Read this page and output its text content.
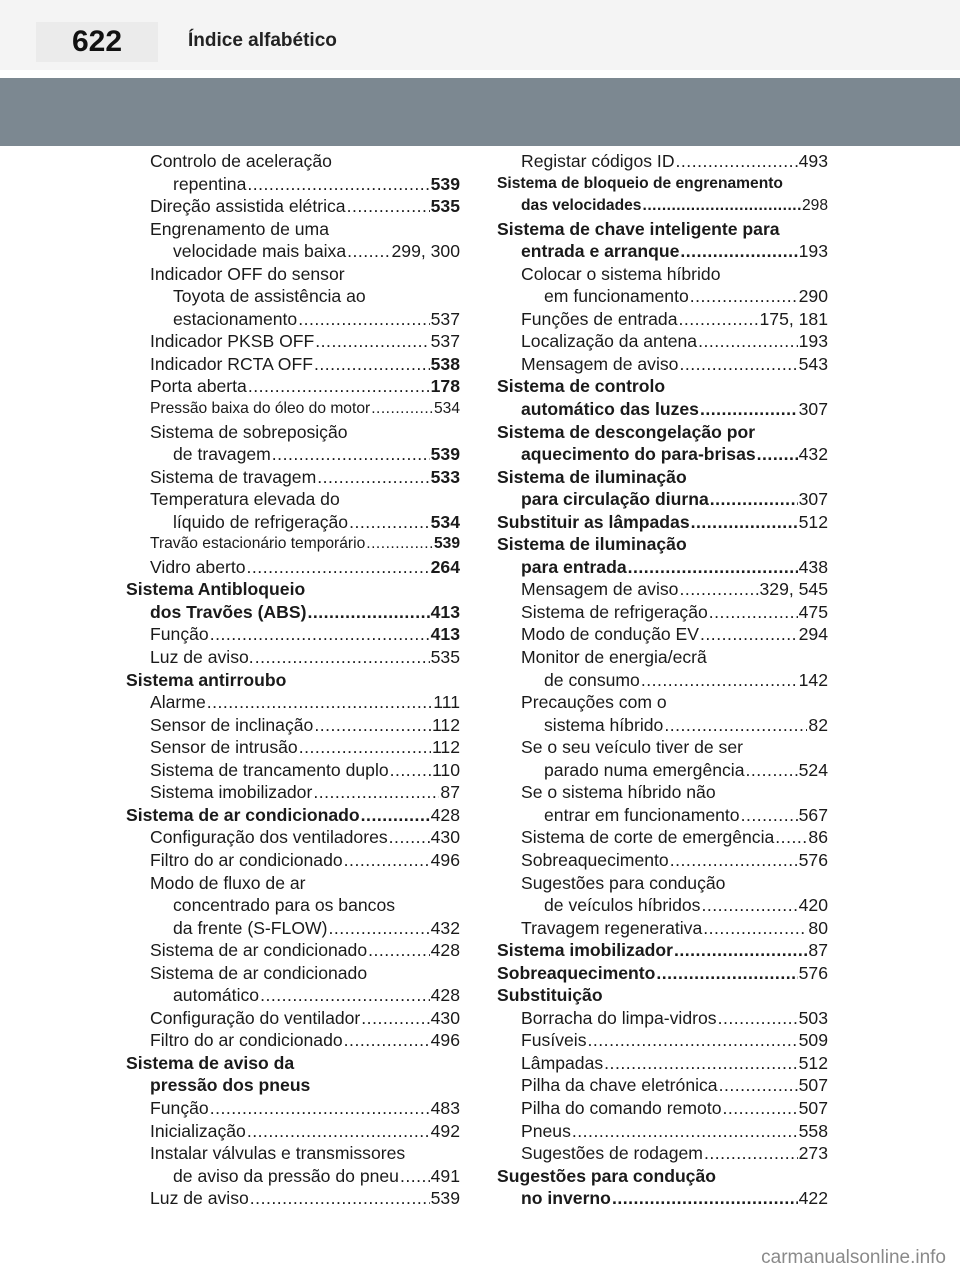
622	Índice alfabético
Controlo de aceleração
repentina .....	539
Direção assistida elétrica .....	535
Engrenamento de uma
velocidade mais baixa .....	299, 300
Indicador OFF do sensor
Toyota de assistência ao
estacionamento .....	537
Indicador PKSB OFF .....	537
Indicador RCTA OFF .....	538
Porta aberta .....	178
Pressão baixa do óleo do motor .....	534
Sistema de sobreposição
de travagem .....	539
Sistema de travagem .....	533
Temperatura elevada do
líquido de refrigeração .....	534
Travão estacionário temporário .....	539
Vidro aberto .....	264
Sistema Antibloqueio
dos Travões (ABS) .....	413
Função .....	413
Luz de aviso. .....	535
Sistema antirroubo
Alarme .....	111
Sensor de inclinação .....	112
Sensor de intrusão .....	112
Sistema de trancamento duplo ..... 110
Sistema imobilizador .....	87
Sistema de ar condicionado .....	428
Configuração dos ventiladores ..... 430
Filtro do ar condicionado .....	496
Modo de fluxo de ar
concentrado para os bancos
da frente (S-FLOW) .....	432
Sistema de ar condicionado .....	428
Sistema de ar condicionado
automático .....	428
Configuração do ventilador .....	430
Filtro do ar condicionado .....	496
Sistema de aviso da
pressão dos pneus
Função .....	483
Inicialização .....	492
Instalar válvulas e transmissores
de aviso da pressão do pneu ..... 491
Luz de aviso .....	539
Registar códigos ID .....	493
Sistema de bloqueio de engrenamento
das velocidades .....	298
Sistema de chave inteligente para
entrada e arranque .....	193
Colocar o sistema híbrido
em funcionamento .....	290
Funções de entrada .....	175, 181
Localização da antena .....	193
Mensagem de aviso .....	543
Sistema de controlo
automático das luzes .....	307
Sistema de descongelação por
aquecimento do para-brisas ..... 432
Sistema de iluminação
para circulação diurna .....	307
Substituir as lâmpadas .....	512
Sistema de iluminação
para entrada .....	438
Mensagem de aviso .....	329, 545
Sistema de refrigeração .....	475
Modo de condução EV .....	294
Monitor de energia/ecrã
de consumo .....	142
Precauções com o
sistema híbrido .....	82
Se o seu veículo tiver de ser
parado numa emergência .....	524
Se o sistema híbrido não
entrar em funcionamento .....	567
Sistema de corte de emergência ..... 86
Sobreaquecimento .....	576
Sugestões para condução
de veículos híbridos .....	420
Travagem regenerativa .....	80
Sistema imobilizador .....	87
Sobreaquecimento .....	576
Substituição
Borracha do limpa-vidros .....	503
Fusíveis .....	509
Lâmpadas .....	512
Pilha da chave eletrónica .....	507
Pilha do comando remoto .....	507
Pneus .....	558
Sugestões de rodagem .....	273
Sugestões para condução
no inverno .....	422
carmanualsonline.info
